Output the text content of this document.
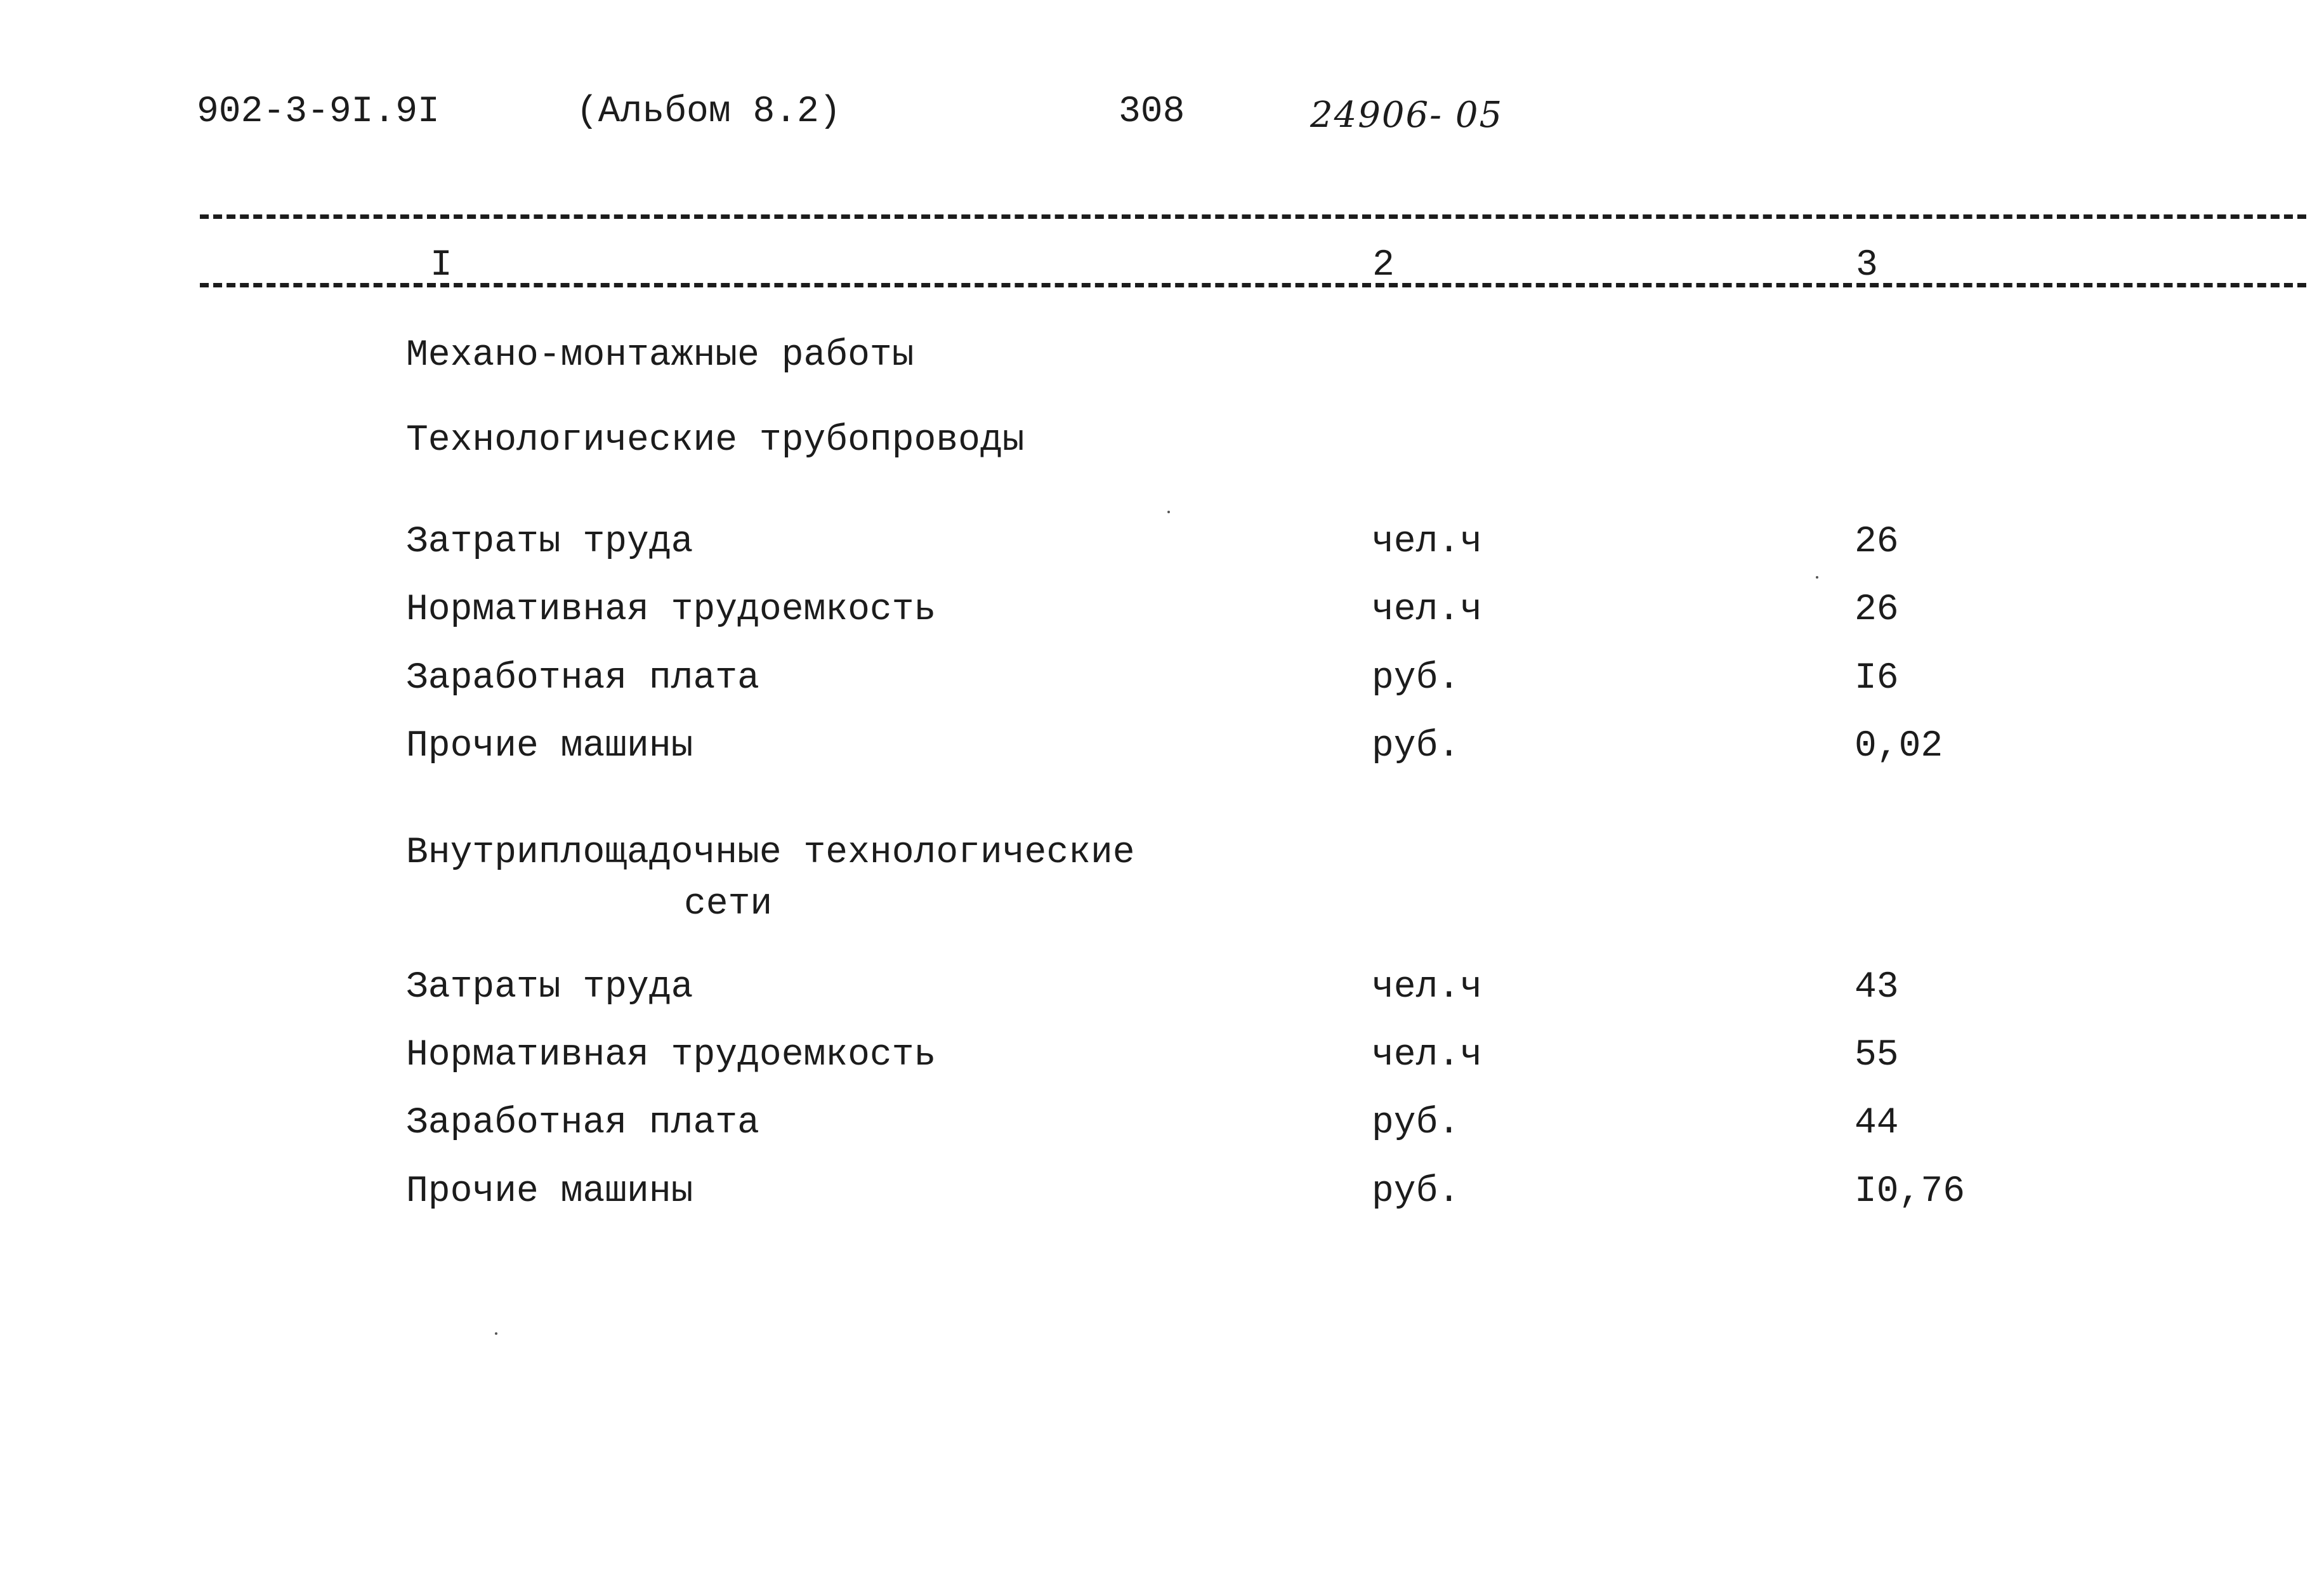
902-3-9I.9I	(Альбом 8.2)	308	24906- 05
I	2	3
Механо-монтажные работы
Технологические трубопроводы
Затраты труда	чел.ч	26
Нормативная трудоемкость	чел.ч	26
Заработная плата	руб.	I6
Прочие машины	руб.	0,02
Внутриплощадочные технологические
сети
Затраты труда	чел.ч	43
Нормативная трудоемкость	чел.ч	55
Заработная плата	руб.	44
Прочие машины	руб.	I0,76
